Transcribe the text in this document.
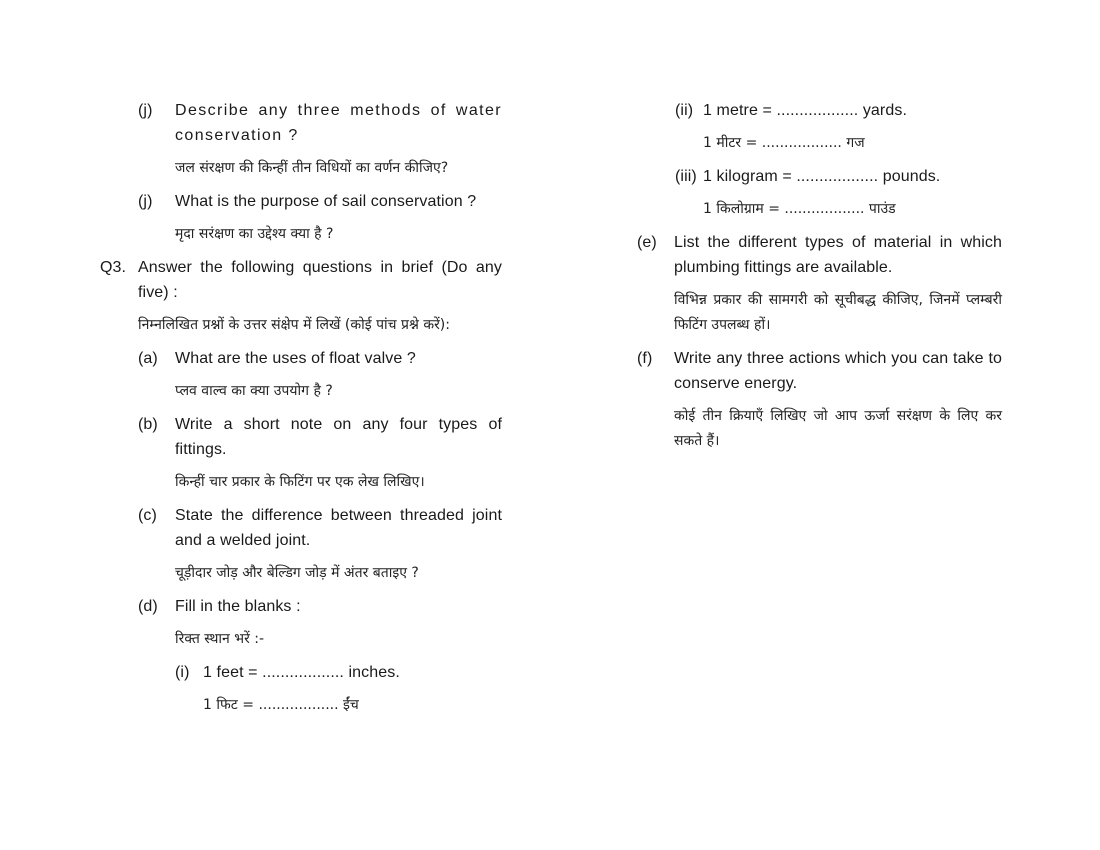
(j)	Describe any three methods of water conservation ?
जल संरक्षण की किन्हीं तीन विधियों का वर्णन कीजिए?
(j)	What is the purpose of sail conservation ?
मृदा सरंक्षण का उद्देश्य क्या है ?
Q3. Answer the following questions in brief (Do any five) :
निम्नलिखित प्रश्नों के उत्तर संक्षेप में लिखें (कोई पांच प्रश्ने करें):
(a)	What are the uses of float valve ?
प्लव वाल्व का क्या उपयोग है ?
(b)	Write a short note on any four types of fittings.
किन्हीं चार प्रकार के फिटिंग पर एक लेख लिखिए।
(c)	State the difference between threaded joint and a welded joint.
चूड़ीदार जोड़ और बेल्डिग जोड़ में अंतर बताइए ?
(d)	Fill in the blanks :
रिक्त स्थान भरें :-
(i) 1 feet = .................. inches.
1 फिट = .................. ईंच
(ii) 1 metre = .................. yards.
1 मीटर = .................. गज
(iii) 1 kilogram = .................. pounds.
1 किलोग्राम = .................. पाउंड
(e)	List the different types of material in which plumbing fittings are available.
विभिन्न प्रकार की सामगरी को सूचीबद्ध कीजिए, जिनमें प्लम्बरी फिटिंग उपलब्ध हों।
(f)	Write any three actions which you can take to conserve energy.
कोई तीन क्रियाएँ लिखिए जो आप ऊर्जा सरंक्षण के लिए कर सकते हैं।
